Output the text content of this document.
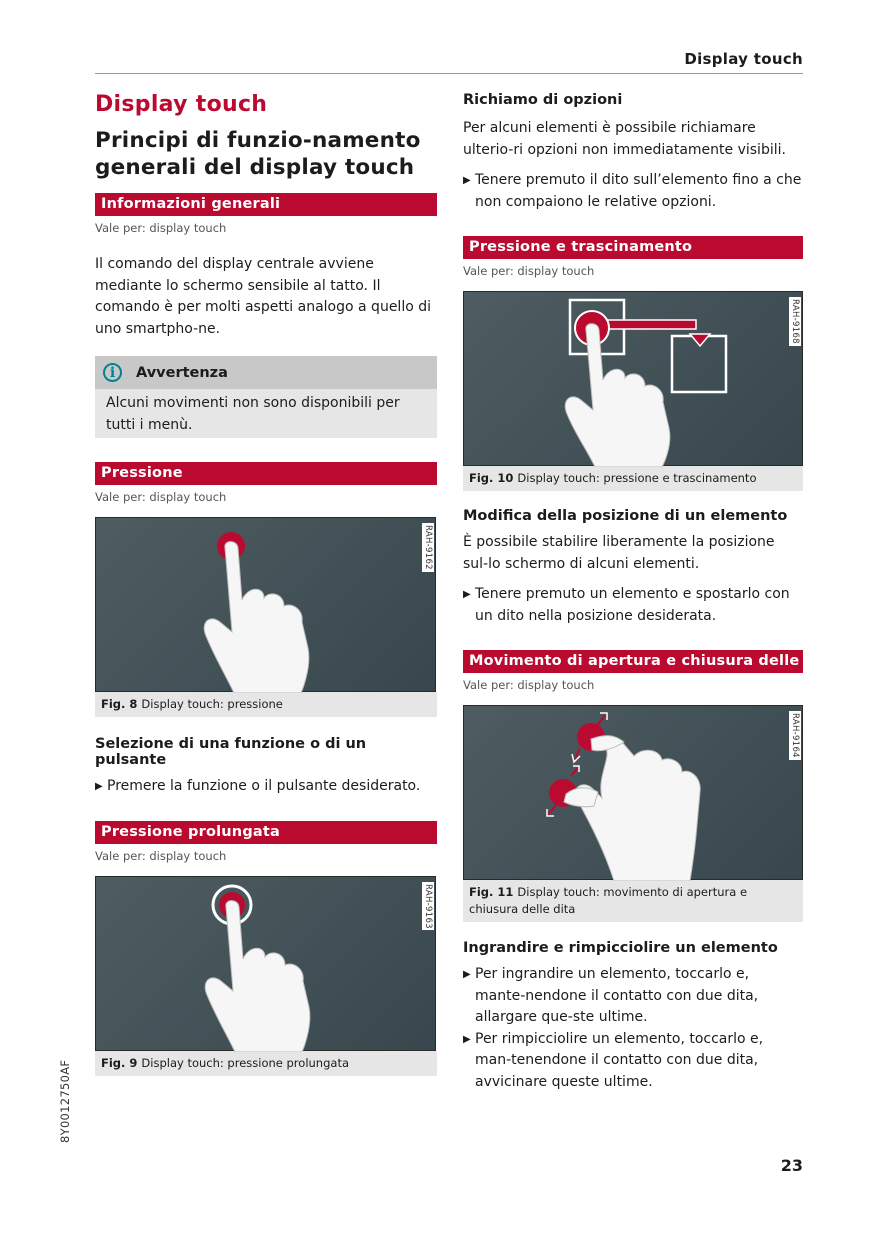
Display touch
Display touch
Principi di funzio-namento generali del display touch
Informazioni generali
Vale per: display touch

Il comando del display centrale avviene mediante lo schermo sensibile al tatto. Il comando è per molti aspetti analogo a quello di uno smartpho-ne.

i	Avvertenza
Alcuni movimenti non sono disponibili per tutti i menù.
Pressione
Vale per: display touch
RAH-9162
Fig. 8 Display touch: pressione
Selezione di una funzione o di un pulsante
▶ Premere la funzione o il pulsante desiderato.
Pressione prolungata
Vale per: display touch
RAH-9163
Fig. 9 Display touch: pressione prolungata
Richiamo di opzioni

Per alcuni elementi è possibile richiamare ulterio-ri opzioni non immediatamente visibili.

▶ Tenere premuto il dito sull’elemento fino a che non compaiono le relative opzioni.
Pressione e trascinamento
Vale per: display touch
RAH-9168
Fig. 10 Display touch: pressione e trascinamento
Modifica della posizione di un elemento

È possibile stabilire liberamente la posizione sul-lo schermo di alcuni elementi.

▶ Tenere premuto un elemento e spostarlo con un dito nella posizione desiderata.
Movimento di apertura e chiusura delle dita
Vale per: display touch
RAH-9164
Fig. 11 Display touch: movimento di apertura e chiusura delle dita
Ingrandire e rimpicciolire un elemento
▶ Per ingrandire un elemento, toccarlo e, mante-nendone il contatto con due dita, allargare que-ste ultime.
▶ Per rimpicciolire un elemento, toccarlo e, man-tenendone il contatto con due dita, avvicinare queste ultime.
8Y0012750AF
23
